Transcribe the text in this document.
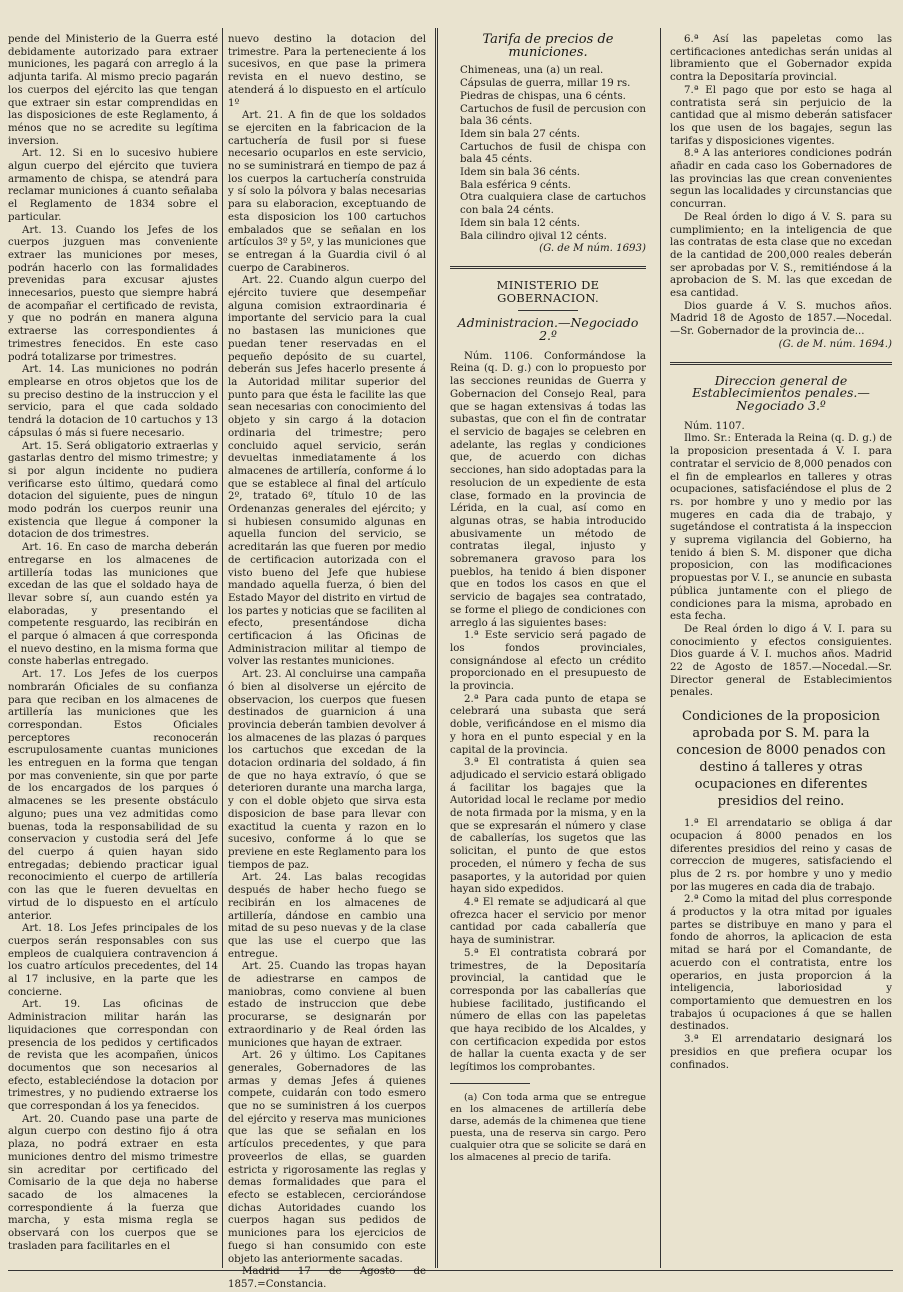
pende del Ministerio de la Guerra esté debidamente autorizado para extraer municiones, les pagará con arreglo á la adjunta tarifa. Al mismo precio pagarán los cuerpos del ejército las que tengan que extraer sin estar comprendidas en las disposiciones de este Reglamento, á ménos que no se acredite su legítima inversion.

Art. 12. Si en lo sucesivo hubiere algun cuerpo del ejército que tuviera armamento de chispa, se atendrá para reclamar municiones á cuanto señalaba el Reglamento de 1834 sobre el particular.

Art. 13. Cuando los Jefes de los cuerpos juzguen mas conveniente extraer las municiones por meses, podrán hacerlo con las formalidades prevenidas para excusar ajustes innecesarios, puesto que siempre habrá de acompañar el certificado de revista, y que no podrán en manera alguna extraerse las correspondientes á trimestres fenecidos. En este caso podrá totalizarse por trimestres.

Art. 14. Las municiones no podrán emplearse en otros objetos que los de su preciso destino de la instruccion y el servicio, para el que cada soldado tendrá la dotacion de 10 cartuchos y 13 cápsulas ó más si fuere necesario.

Art. 15. Será obligatorio extraerlas y gastarlas dentro del mismo trimestre; y si por algun incidente no pudiera verificarse esto último, quedará como dotacion del siguiente, pues de ningun modo podrán los cuerpos reunir una existencia que llegue á componer la dotacion de dos trimestres.

Art. 16. En caso de marcha deberán entregarse en los almacenes de artillería todas las municiones que excedan de las que el soldado haya de llevar sobre sí, aun cuando estén ya elaboradas, y presentando el competente resguardo, las recibirán en el parque ó almacen á que corresponda el nuevo destino, en la misma forma que conste haberlas entregado.

Art. 17. Los Jefes de los cuerpos nombrarán Oficiales de su confianza para que reciban en los almacenes de artillería las municiones que les correspondan. Estos Oficiales perceptores reconocerán escrupulosamente cuantas municiones les entreguen en la forma que tengan por mas conveniente, sin que por parte de los encargados de los parques ó almacenes se les presente obstáculo alguno; pues una vez admitidas como buenas, toda la responsabilidad de su conservacion y custodia será del Jefe del cuerpo á quien hayan sido entregadas; debiendo practicar igual reconocimiento el cuerpo de artillería con las que le fueren devueltas en virtud de lo dispuesto en el artículo anterior.

Art. 18. Los Jefes principales de los cuerpos serán responsables con sus empleos de cualquiera contravencion á los cuatro artículos precedentes, del 14 al 17 inclusive, en la parte que les concierne.

Art. 19. Las oficinas de Administracion militar harán las liquidaciones que correspondan con presencia de los pedidos y certificados de revista que les acompañen, únicos documentos que son necesarios al efecto, estableciéndose la dotacion por trimestres, y no pudiendo extraerse los que correspondan á los ya fenecidos.

Art. 20. Cuando pase una parte de algun cuerpo con destino fijo á otra plaza, no podrá extraer en esta municiones dentro del mismo trimestre sin acreditar por certificado del Comisario de la que deja no haberse sacado de los almacenes la correspondiente á la fuerza que marcha, y esta misma regla se observará con los cuerpos que se trasladen para facilitarles en el

nuevo destino la dotacion del trimestre. Para la perteneciente á los sucesivos, en que pase la primera revista en el nuevo destino, se atenderá á lo dispuesto en el artículo 1º

Art. 21. A fin de que los soldados se ejerciten en la fabricacion de la cartuchería de fusil por si fuese necesario ocuparlos en este servicio, no se suministrará en tiempo de paz á los cuerpos la cartuchería construida y sí solo la pólvora y balas necesarias para su elaboracion, exceptuando de esta disposicion los 100 cartuchos embalados que se señalan en los artículos 3º y 5º, y las municiones que se entregan á la Guardia civil ó al cuerpo de Carabineros.

Art. 22. Cuando algun cuerpo del ejército tuviere que desempeñar alguna comision extraordinaria é importante del servicio para la cual no bastasen las municiones que puedan tener reservadas en el pequeño depósito de su cuartel, deberán sus Jefes hacerlo presente á la Autoridad militar superior del punto para que ésta le facilite las que sean necesarias con conocimiento del objeto y sin cargo á la dotacion ordinaria del trimestre; pero concluido aquel servicio, serán devueltas inmediatamente á los almacenes de artillería, conforme á lo que se establece al final del artículo 2º, tratado 6º, título 10 de las Ordenanzas generales del ejército; y si hubiesen consumido algunas en aquella funcion del servicio, se acreditarán las que fueren por medio de certificacion autorizada con el visto bueno del Jefe que hubiese mandado aquella fuerza, ó bien del Estado Mayor del distrito en virtud de los partes y noticias que se faciliten al efecto, presentándose dicha certificacion á las Oficinas de Administracion militar al tiempo de volver las restantes municiones.

Art. 23. Al concluirse una campaña ó bien al disolverse un ejército de observacion, los cuerpos que fuesen destinados de guarnicion á una provincia deberán tambien devolver á los almacenes de las plazas ó parques los cartuchos que excedan de la dotacion ordinaria del soldado, á fin de que no haya extravío, ó que se deterioren durante una marcha larga, y con el doble objeto que sirva esta disposicion de base para llevar con exactitud la cuenta y razon en lo sucesivo, conforme á lo que se previene en este Reglamento para los tiempos de paz.

Art. 24. Las balas recogidas después de haber hecho fuego se recibirán en los almacenes de artillería, dándose en cambio una mitad de su peso nuevas y de la clase que las use el cuerpo que las entregue.

Art. 25. Cuando las tropas hayan de adiestrarse en campos de maniobras, como conviene al buen estado de instruccion que debe procurarse, se designarán por extraordinario y de Real órden las municiones que hayan de extraer.

Art. 26 y último. Los Capitanes generales, Gobernadores de las armas y demas Jefes á quienes compete, cuidarán con todo esmero que no se suministren á los cuerpos del ejército y reserva mas municiones que las que se señalan en los artículos precedentes, y que para proveerlos de ellas, se guarden estricta y rigorosamente las reglas y demas formalidades que para el efecto se establecen, cerciorándose dichas Autoridades cuando los cuerpos hagan sus pedidos de municiones para los ejercicios de fuego si han consumido con este objeto las anteriormente sacadas.

Madrid 17 de Agosto de 1857.=Constancia.

Tarifa de precios de municiones.

Chimeneas, una (a) un real.

Cápsulas de guerra, millar 19 rs.

Piedras de chispas, una 6 cénts.

Cartuchos de fusil de percusion con bala 36 cénts.

Idem sin bala 27 cénts.

Cartuchos de fusil de chispa con bala 45 cénts.

Idem sin bala 36 cénts.

Bala esférica 9 cénts.

Otra cualquiera clase de cartuchos con bala 24 cénts.

Idem sin bala 12 cénts.

Bala cilindro ojival 12 cénts.

(G. de M núm. 1693)

MINISTERIO DE GOBERNACION.
Administracion.—Negociado 2.º

Núm. 1106. Conformándose la Reina (q. D. g.) con lo propuesto por las secciones reunidas de Guerra y Gobernacion del Consejo Real, para que se hagan extensivas á todas las subastas, que con el fin de contratar el servicio de bagajes se celebren en adelante, las reglas y condiciones que, de acuerdo con dichas secciones, han sido adoptadas para la resolucion de un expediente de esta clase, formado en la provincia de Lérida, en la cual, así como en algunas otras, se habia introducido abusivamente un método de contratas ilegal, injusto y sobremanera gravoso para los pueblos, ha tenido á bien disponer que en todos los casos en que el servicio de bagajes sea contratado, se forme el pliego de condiciones con arreglo á las siguientes bases:

1.ª Este servicio será pagado de los fondos provinciales, consignándose al efecto un crédito proporcionado en el presupuesto de la provincia.

2.ª Para cada punto de etapa se celebrará una subasta que será doble, verificándose en el mismo dia y hora en el punto especial y en la capital de la provincia.

3.ª El contratista á quien sea adjudicado el servicio estará obligado á facilitar los bagajes que la Autoridad local le reclame por medio de nota firmada por la misma, y en la que se expresarán el número y clase de caballerías, los sugetos que las solicitan, el punto de que estos proceden, el número y fecha de sus pasaportes, y la autoridad por quien hayan sido expedidos.

4.ª El remate se adjudicará al que ofrezca hacer el servicio por menor cantidad por cada caballería que haya de suministrar.

5.ª El contratista cobrará por trimestres, de la Depositaría provincial, la cantidad que le corresponda por las caballerías que hubiese facilitado, justificando el número de ellas con las papeletas que haya recibido de los Alcaldes, y con certificacion expedida por estos de hallar la cuenta exacta y de ser legítimos los comprobantes.

(a) Con toda arma que se entregue en los almacenes de artillería debe darse, además de la chimenea que tiene puesta, una de reserva sin cargo. Pero cualquier otra que se solicite se dará en los almacenes al precio de tarifa.

6.ª Así las papeletas como las certificaciones antedichas serán unidas al libramiento que el Gobernador expida contra la Depositaría provincial.

7.ª El pago que por esto se haga al contratista será sin perjuicio de la cantidad que al mismo deberán satisfacer los que usen de los bagajes, segun las tarifas y disposiciones vigentes.

8.ª A las anteriores condiciones podrán añadir en cada caso los Gobernadores de las provincias las que crean convenientes segun las localidades y circunstancias que concurran.

De Real órden lo digo á V. S. para su cumplimiento; en la inteligencia de que las contratas de esta clase que no excedan de la cantidad de 200,000 reales deberán ser aprobadas por V. S., remitiéndose á la aprobacion de S. M. las que excedan de esa cantidad.

Dios guarde á V. S. muchos años. Madrid 18 de Agosto de 1857.—Nocedal.—Sr. Gobernador de la provincia de...

(G. de M. núm. 1694.)

Direccion general de Establecimientos penales.—Negociado 3.º

Núm. 1107.

Ilmo. Sr.: Enterada la Reina (q. D. g.) de la proposicion presentada á V. I. para contratar el servicio de 8,000 penados con el fin de emplearlos en talleres y otras ocupaciones, satisfaciéndose el plus de 2 rs. por hombre y uno y medio por las mugeres en cada dia de trabajo, y sugetándose el contratista á la inspeccion y suprema vigilancia del Gobierno, ha tenido á bien S. M. disponer que dicha proposicion, con las modificaciones propuestas por V. I., se anuncie en subasta pública juntamente con el pliego de condiciones para la misma, aprobado en esta fecha.

De Real órden lo digo á V. I. para su conocimiento y efectos consiguientes. Dios guarde á V. I. muchos años. Madrid 22 de Agosto de 1857.—Nocedal.—Sr. Director general de Establecimientos penales.

Condiciones de la proposicion aprobada por S. M. para la concesion de 8000 penados con destino á talleres y otras ocupaciones en diferentes presidios del reino.

1.ª El arrendatario se obliga á dar ocupacion á 8000 penados en los diferentes presidios del reino y casas de correccion de mugeres, satisfaciendo el plus de 2 rs. por hombre y uno y medio por las mugeres en cada dia de trabajo.

2.ª Como la mitad del plus corresponde á productos y la otra mitad por iguales partes se distribuye en mano y para el fondo de ahorros, la aplicacion de esta mitad se hará por el Comandante, de acuerdo con el contratista, entre los operarios, en justa proporcion á la inteligencia, laboriosidad y comportamiento que demuestren en los trabajos ú ocupaciones á que se hallen destinados.

3.ª El arrendatario designará los presidios en que prefiera ocupar los confinados.
